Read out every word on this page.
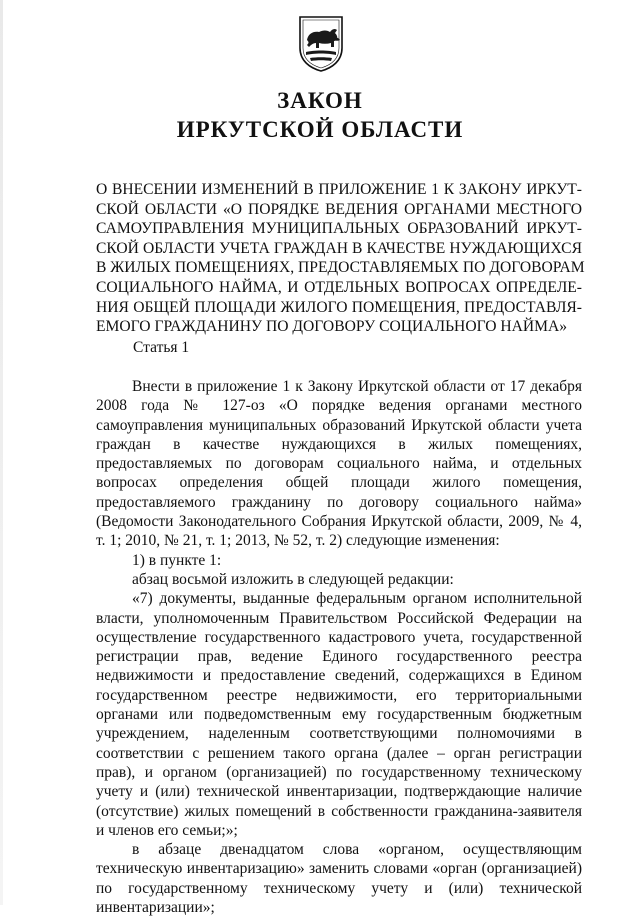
ЗАКОН
ИРКУТСКОЙ ОБЛАСТИ
О ВНЕСЕНИИ ИЗМЕНЕНИЙ В ПРИЛОЖЕНИЕ 1 К ЗАКОНУ ИРКУТ-
СКОЙ ОБЛАСТИ «О ПОРЯДКЕ ВЕДЕНИЯ ОРГАНАМИ МЕСТНОГО
САМОУПРАВЛЕНИЯ МУНИЦИПАЛЬНЫХ ОБРАЗОВАНИЙ ИРКУТ-
СКОЙ ОБЛАСТИ УЧЕТА ГРАЖДАН В КАЧЕСТВЕ НУЖДАЮЩИХСЯ
В ЖИЛЫХ ПОМЕЩЕНИЯХ, ПРЕДОСТАВЛЯЕМЫХ ПО ДОГОВОРАМ
СОЦИАЛЬНОГО НАЙМА, И ОТДЕЛЬНЫХ ВОПРОСАХ ОПРЕДЕЛЕ-
НИЯ ОБЩЕЙ ПЛОЩАДИ ЖИЛОГО ПОМЕЩЕНИЯ, ПРЕДОСТАВЛЯ-
ЕМОГО ГРАЖДАНИНУ ПО ДОГОВОРУ СОЦИАЛЬНОГО НАЙМА»
Статья 1

Внести в приложение 1 к Закону Иркутской области от 17 декабря 2008 года № 127-оз «О порядке ведения органами местного самоуправления муниципальных образований Иркутской области учета граждан в качестве нуждающихся в жилых помещениях, предоставляемых по договорам социального найма, и отдельных вопросах определения общей площади жилого помещения, предоставляемого гражданину по договору социального найма» (Ведомости Законодательного Собрания Иркутской области, 2009, № 4, т. 1; 2010, № 21, т. 1; 2013, № 52, т. 2) следующие изменения:

1) в пункте 1:

абзац восьмой изложить в следующей редакции:

«7) документы, выданные федеральным органом исполнительной власти, уполномоченным Правительством Российской Федерации на осуществление государственного кадастрового учета, государственной регистрации прав, ведение Единого государственного реестра недвижимости и предоставление сведений, содержащихся в Едином государственном реестре недвижимости, его территориальными органами или подведомственным ему государственным бюджетным учреждением, наделенным соответствующими полномочиями в соответствии с решением такого органа (далее – орган регистрации прав), и органом (организацией) по государственному техническому учету и (или) технической инвентаризации, подтверждающие наличие (отсутствие) жилых помещений в собственности гражданина-заявителя и членов его семьи;»;

в абзаце двенадцатом слова «органом, осуществляющим техническую инвентаризацию» заменить словами «орган (организацией) по государственному техническому учету и (или) технической инвентаризации»;
